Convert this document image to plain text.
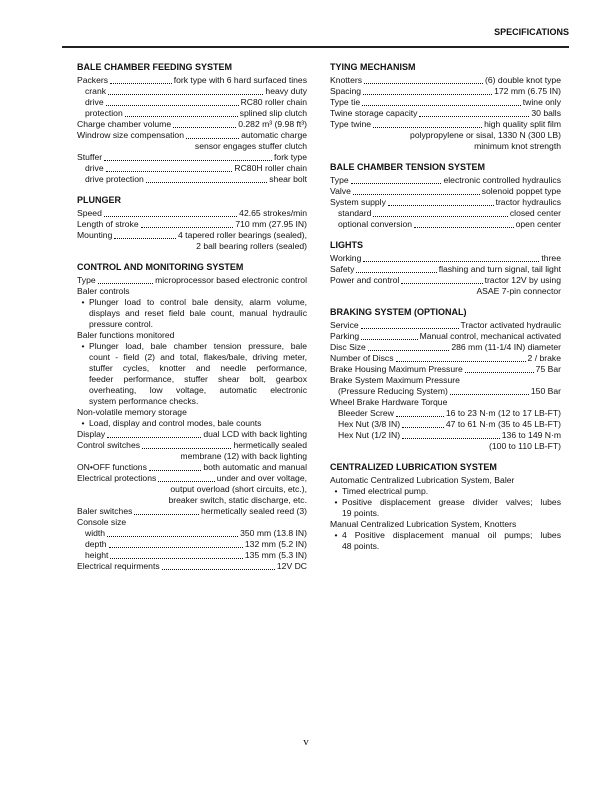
SPECIFICATIONS
BALE CHAMBER FEEDING SYSTEM
Packers	fork type with 6 hard surfaced tines
crank	heavy duty
drive	RC80 roller chain
protection	splined slip clutch
Charge chamber volume	0.282 m³ (9.98 ft³)
Windrow size compensation	automatic charge
sensor engages stuffer clutch
Stuffer	fork type
drive	RC80H roller chain
drive protection	shear bolt
PLUNGER
Speed	42.65 strokes/min
Length of stroke	710 mm (27.95 IN)
Mounting	4 tapered roller bearings (sealed),
2 ball bearing rollers (sealed)
CONTROL AND MONITORING SYSTEM
Type	microprocessor based electronic control
Baler controls
• Plunger load to control bale density, alarm volume,
displays and reset field bale count, manual hydraulic
pressure control.
Baler functions monitored
• Plunger load, bale chamber tension pressure, bale
count - field (2) and total, flakes/bale, driving meter,
stuffer cycles, knotter and needle performance,
feeder performance, stuffer shear bolt, gearbox
overheating, low voltage, automatic electronic
system performance checks.
Non-volatile memory storage
• Load, display and control modes, bale counts
Display	dual LCD with back lighting
Control switches	hermetically sealed
membrane (12) with back lighting
ON•OFF functions	both automatic and manual
Electrical protections	under and over voltage,
output overload (short circuits, etc.),
breaker switch, static discharge, etc.
Baler switches	hermetically sealed reed (3)
Console size
width	350 mm (13.8 IN)
depth	132 mm (5.2 IN)
height	135 mm (5.3 IN)
Electrical requirments	12V DC
TYING MECHANISM
Knotters	(6) double knot type
Spacing	172 mm (6.75 IN)
Type tie	twine only
Twine storage capacity	30 balls
Type twine	high quality split film
polypropylene or sisal, 1330 N (300 LB)
minimum knot strength
BALE CHAMBER TENSION SYSTEM
Type	electronic controlled hydraulics
Valve	solenoid poppet type
System supply	tractor hydraulics
standard	closed center
optional conversion	open center
LIGHTS
Working	three
Safety	flashing and turn signal, tail light
Power and control	tractor 12V by using
ASAE 7-pin connector
BRAKING SYSTEM (OPTIONAL)
Service	Tractor activated hydraulic
Parking	Manual control, mechanical activated
Disc Size	286 mm (11-1/4 IN) diameter
Number of Discs	2 / brake
Brake Housing Maximum Pressure	75 Bar
Brake System Maximum Pressure
(Pressure Reducing System)	150 Bar
Wheel Brake Hardware Torque
Bleeder Screw	16 to 23 N·m (12 to 17 LB-FT)
Hex Nut (3/8 IN)	47 to 61 N·m (35 to 45 LB-FT)
Hex Nut (1/2 IN)	136 to 149 N·m
(100 to 110 LB-FT)
CENTRALIZED LUBRICATION SYSTEM
Automatic Centralized Lubrication System, Baler
• Timed electrical pump.
• Positive displacement grease divider valves; lubes
19 points.
Manual Centralized Lubrication System, Knotters
• 4 Positive displacement manual oil pumps; lubes
48 points.
v
